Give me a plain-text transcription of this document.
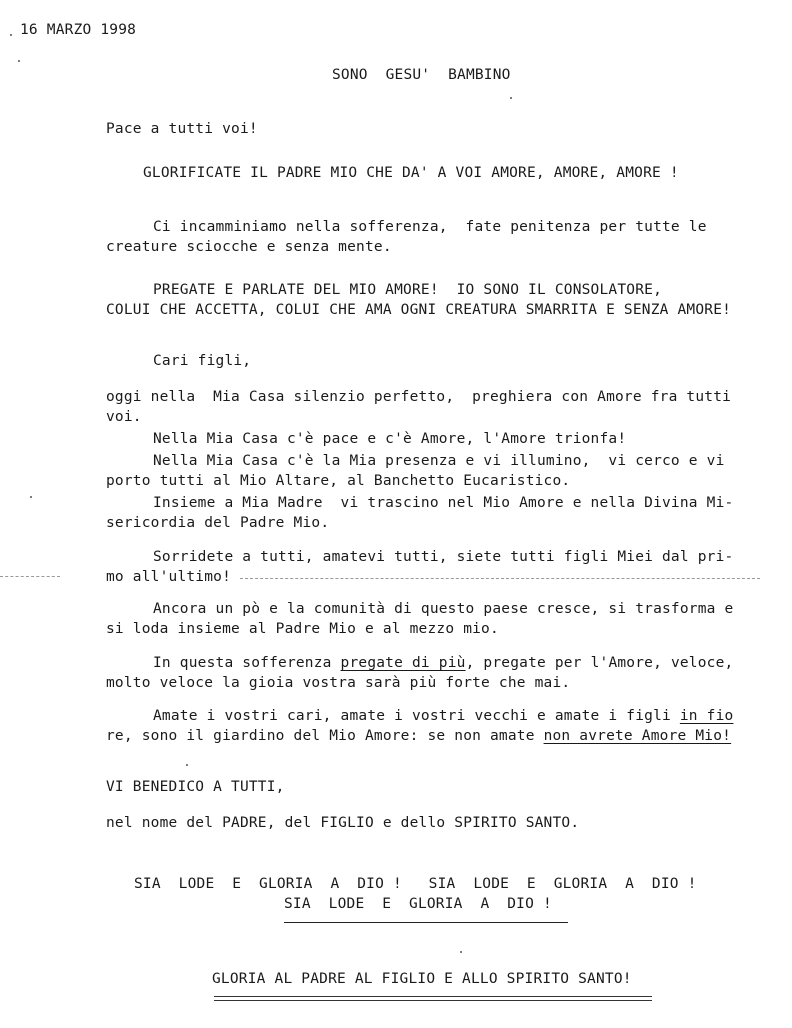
16 MARZO 1998
SONO  GESU'  BAMBINO
Pace a tutti voi!
GLORIFICATE IL PADRE MIO CHE DA' A VOI AMORE, AMORE, AMORE !
Ci incamminiamo nella sofferenza,  fate penitenza per tutte le
creature sciocche e senza mente.
PREGATE E PARLATE DEL MIO AMORE!  IO SONO IL CONSOLATORE,
COLUI CHE ACCETTA, COLUI CHE AMA OGNI CREATURA SMARRITA E SENZA AMORE!
Cari figli,
oggi nella  Mia Casa silenzio perfetto,  preghiera con Amore fra tutti
voi.
Nella Mia Casa c'è pace e c'è Amore, l'Amore trionfa!
Nella Mia Casa c'è la Mia presenza e vi illumino,  vi cerco e vi
porto tutti al Mio Altare, al Banchetto Eucaristico.
Insieme a Mia Madre  vi trascino nel Mio Amore e nella Divina Mi-
sericordia del Padre Mio.
Sorridete a tutti, amatevi tutti, siete tutti figli Miei dal pri-
mo all'ultimo!
Ancora un pò e la comunità di questo paese cresce, si trasforma e
si loda insieme al Padre Mio e al mezzo mio.
In questa sofferenza pregate di più, pregate per l'Amore, veloce,
molto veloce la gioia vostra sarà più forte che mai.
Amate i vostri cari, amate i vostri vecchi e amate i figli in fio
re, sono il giardino del Mio Amore: se non amate non avrete Amore Mio!
VI BENEDICO A TUTTI,
nel nome del PADRE, del FIGLIO e dello SPIRITO SANTO.
SIA  LODE  E  GLORIA  A  DIO !   SIA  LODE  E  GLORIA  A  DIO !
SIA  LODE  E  GLORIA  A  DIO !
GLORIA AL PADRE AL FIGLIO E ALLO SPIRITO SANTO!
